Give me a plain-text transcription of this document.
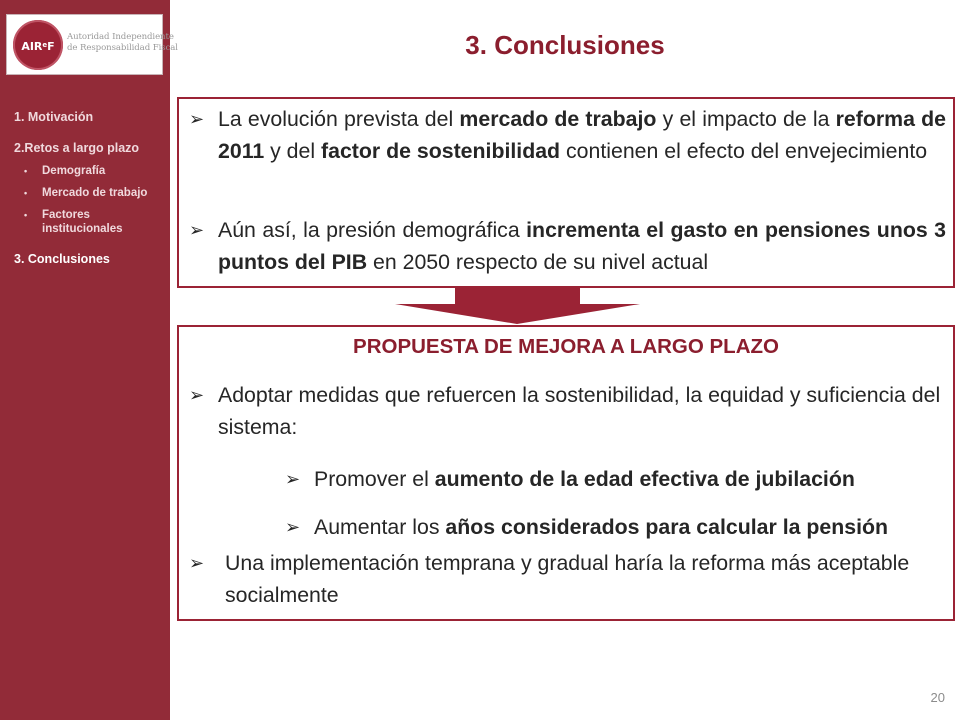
AIR$^e$F
Autoridad Independiente
de Responsabilidad Fiscal
1. Motivación
2.Retos a largo plazo
• Demografía
• Mercado de trabajo
• Factores institucionales
3. Conclusiones
3. Conclusiones
➢ La evolución prevista del mercado de trabajo y el impacto de la reforma de 2011 y del factor de sostenibilidad contienen el efecto del envejecimiento
➢ Aún así, la presión demográfica incrementa el gasto en pensiones unos 3 puntos del PIB en 2050 respecto de su nivel actual
PROPUESTA DE MEJORA A LARGO PLAZO
➢ Adoptar medidas que refuercen la sostenibilidad, la equidad y suficiencia del sistema:
➢ Promover el aumento de la edad efectiva de jubilación
➢ Aumentar los años considerados para calcular la pensión
➢ Una implementación temprana y gradual haría la reforma más aceptable socialmente
20
